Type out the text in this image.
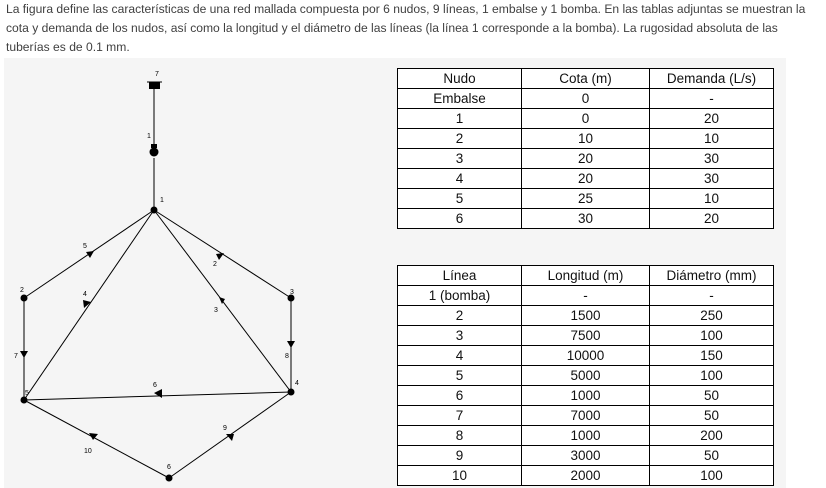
La figura define las características de una red mallada compuesta por 6 nudos, 9 líneas, 1 embalse y 1 bomba. En las tablas adjuntas se muestran la cota y demanda de los nudos, así como la longitud y el diámetro de las líneas (la línea 1 corresponde a la bomba). La rugosidad absoluta de las tuberías es de 0.1 mm.

7
1
2	3
4
5
6
1
5
2
4
3
7	8
6
9
10
Nudo	Cota (m)	Demanda (L/s)
Embalse	0	-
1	0	20
2	10	10
3	20	30
4	20	30
5	25	10
6	30	20
Línea	Longitud (m)	Diámetro (mm)
1 (bomba)	-	-
2	1500	250
3	7500	100
4	10000	150
5	5000	100
6	1000	50
7	7000	50
8	1000	200
9	3000	50
10	2000	100
